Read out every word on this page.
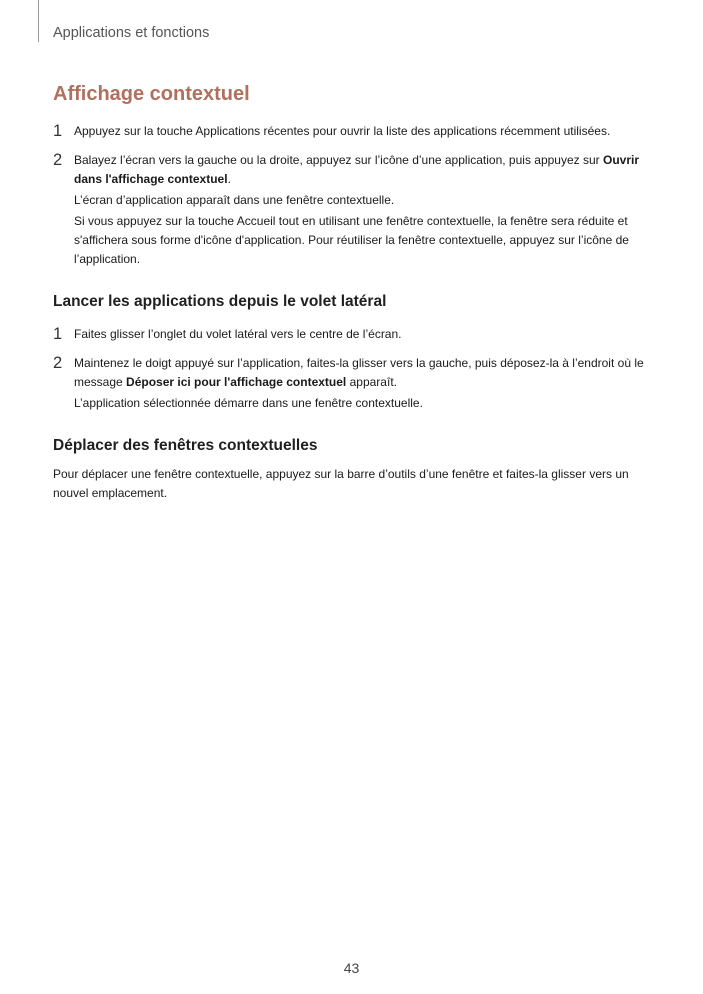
Applications et fonctions
Affichage contextuel
1 Appuyez sur la touche Applications récentes pour ouvrir la liste des applications récemment utilisées.

2 Balayez l’écran vers la gauche ou la droite, appuyez sur l’icône d’une application, puis appuyez sur Ouvrir dans l'affichage contextuel.

L’écran d’application apparaît dans une fenêtre contextuelle.

Si vous appuyez sur la touche Accueil tout en utilisant une fenêtre contextuelle, la fenêtre sera réduite et s'affichera sous forme d'icône d'application. Pour réutiliser la fenêtre contextuelle, appuyez sur l’icône de l’application.

Lancer les applications depuis le volet latéral
1 Faites glisser l’onglet du volet latéral vers le centre de l’écran.

2 Maintenez le doigt appuyé sur l’application, faites-la glisser vers la gauche, puis déposez-la à l’endroit où le message Déposer ici pour l'affichage contextuel apparaît.

L’application sélectionnée démarre dans une fenêtre contextuelle.

Déplacer des fenêtres contextuelles

Pour déplacer une fenêtre contextuelle, appuyez sur la barre d’outils d’une fenêtre et faites-la glisser vers un nouvel emplacement.

43
